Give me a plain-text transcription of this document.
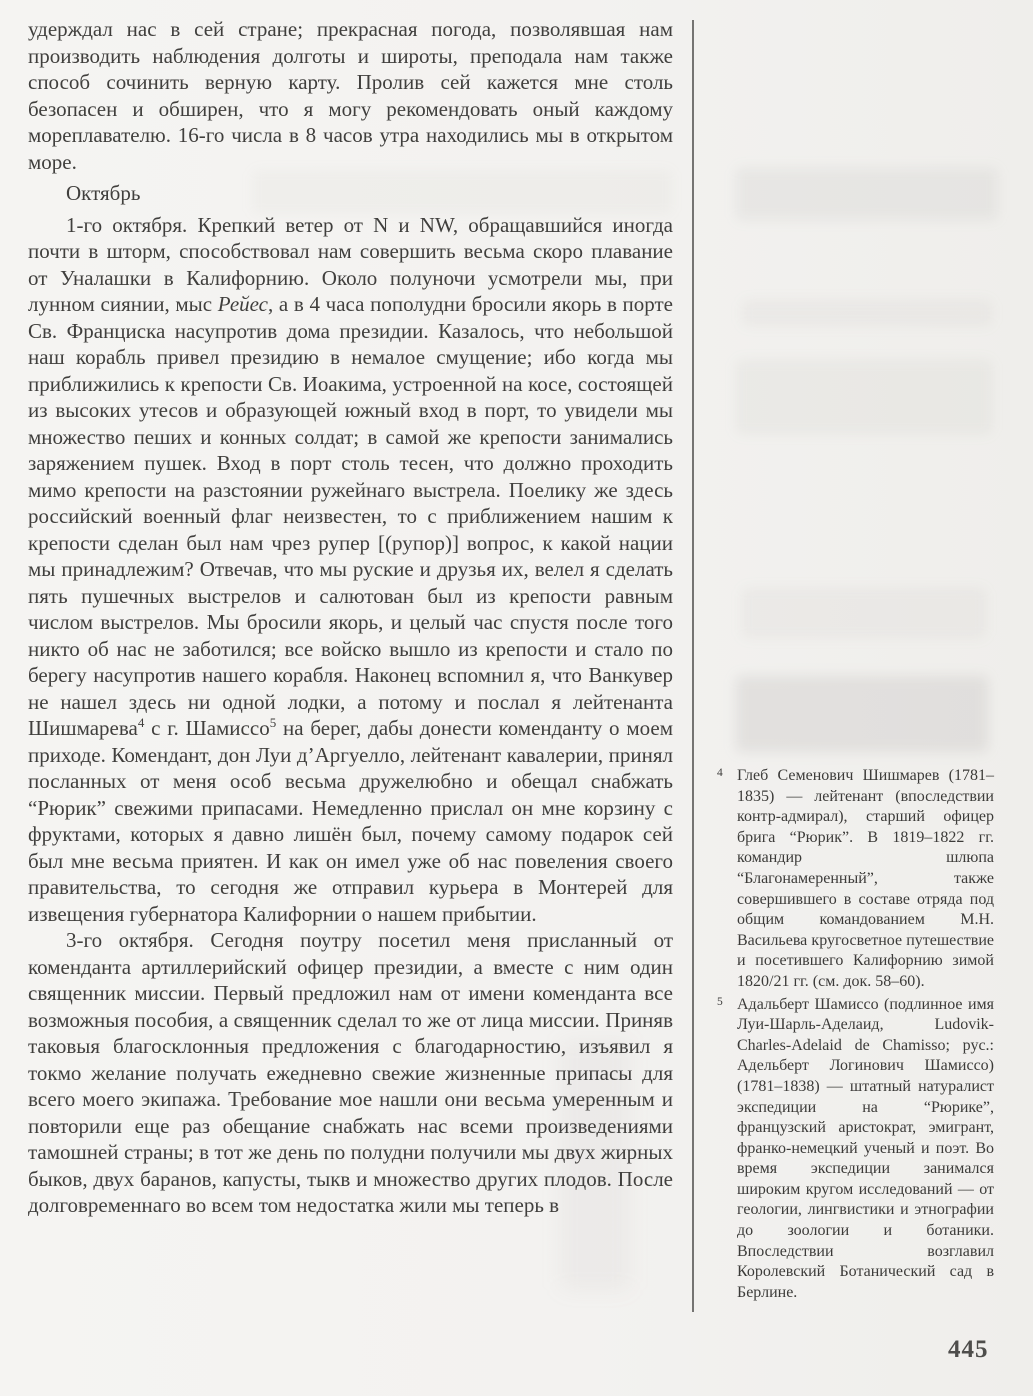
удерждал нас в сей стране; прекрасная погода, позволявшая нам производить наблюдения долготы и широты, преподала нам также способ сочинить верную карту. Пролив сей кажется мне столь безопасен и обширен, что я могу рекомендовать оный каждому мореплавателю. 16-го числа в 8 часов утра находились мы в открытом море.

Октябрь

1-го октября. Крепкий ветер от N и NW, обращавшийся иногда почти в шторм, способствовал нам совершить весьма скоро плавание от Уналашки в Калифорнию. Около полуночи усмотрели мы, при лунном сиянии, мыс Рейес, а в 4 часа пополудни бросили якорь в порте Св. Франциска насупротив дома президии. Казалось, что небольшой наш корабль привел президию в немалое смущение; ибо когда мы приближились к крепости Св. Иоакима, устроенной на косе, состоящей из высоких утесов и образующей южный вход в порт, то увидели мы множество пеших и конных солдат; в самой же крепости занимались заряжением пушек. Вход в порт столь тесен, что должно проходить мимо крепости на разстоянии ружейнаго выстрела. Поелику же здесь российский военный флаг неизвестен, то с приближением нашим к крепости сделан был нам чрез рупер [(рупор)] вопрос, к какой нации мы принадлежим? Отвечав, что мы руские и друзья их, велел я сделать пять пушечных выстрелов и салютован был из крепости равным числом выстрелов. Мы бросили якорь, и целый час спустя после того никто об нас не заботился; все войско вышло из крепости и стало по берегу насупротив нашего корабля. Наконец вспомнил я, что Ванкувер не нашел здесь ни одной лодки, а потому и послал я лейтенанта Шишмарева$^4$ с г. Шамиссо$^5$ на берег, дабы донести коменданту о моем приходе. Комендант, дон Луи д’Аргуелло, лейтенант кавалерии, принял посланных от меня особ весьма дружелюбно и обещал снабжать “Рюрик” свежими припасами. Немедленно прислал он мне корзину с фруктами, которых я давно лишён был, почему самому подарок сей был мне весьма приятен. И как он имел уже об нас повеления своего правительства, то сегодня же отправил курьера в Монтерей для извещения губернатора Калифорнии о нашем прибытии.

3-го октября. Сегодня поутру посетил меня присланный от коменданта артиллерийский офицер президии, а вместе с ним один священник миссии. Первый предложил нам от имени коменданта все возможныя пособия, а священник сделал то же от лица миссии. Приняв таковыя благосклонныя предложения с благодарностию, изъявил я токмо желание получать ежедневно свежие жизненные припасы для всего моего экипажа. Требование мое нашли они весьма умеренным и повторили еще раз обещание снабжать нас всеми произведениями тамошней страны; в тот же день по полудни получили мы двух жирных быков, двух баранов, капусты, тыкв и множество других плодов. После долговременнаго во всем том недостатка жили мы теперь в

4 Глеб Семенович Шишмарев (1781–1835) — лейтенант (впоследствии контр-адмирал), старший офицер брига “Рюрик”. В 1819–1822 гг. командир шлюпа “Благонамеренный”, также совершившего в составе отряда под общим командованием М.Н. Васильева кругосветное путешествие и посетившего Калифорнию зимой 1820/21 гг. (см. док. 58–60).
5 Адальберт Шамиссо (подлинное имя Луи-Шарль-Аделаид, Ludovik-Charles-Adelaid de Chamisso; рус.: Адельберт Логинович Шамиссо) (1781–1838) — штатный натуралист экспедиции на “Рюрике”, французский аристократ, эмигрант, франко-немецкий ученый и поэт. Во время экспедиции занимался широким кругом исследований — от геологии, лингвистики и этнографии до зоологии и ботаники. Впоследствии возглавил Королевский Ботанический сад в Берлине.
445
